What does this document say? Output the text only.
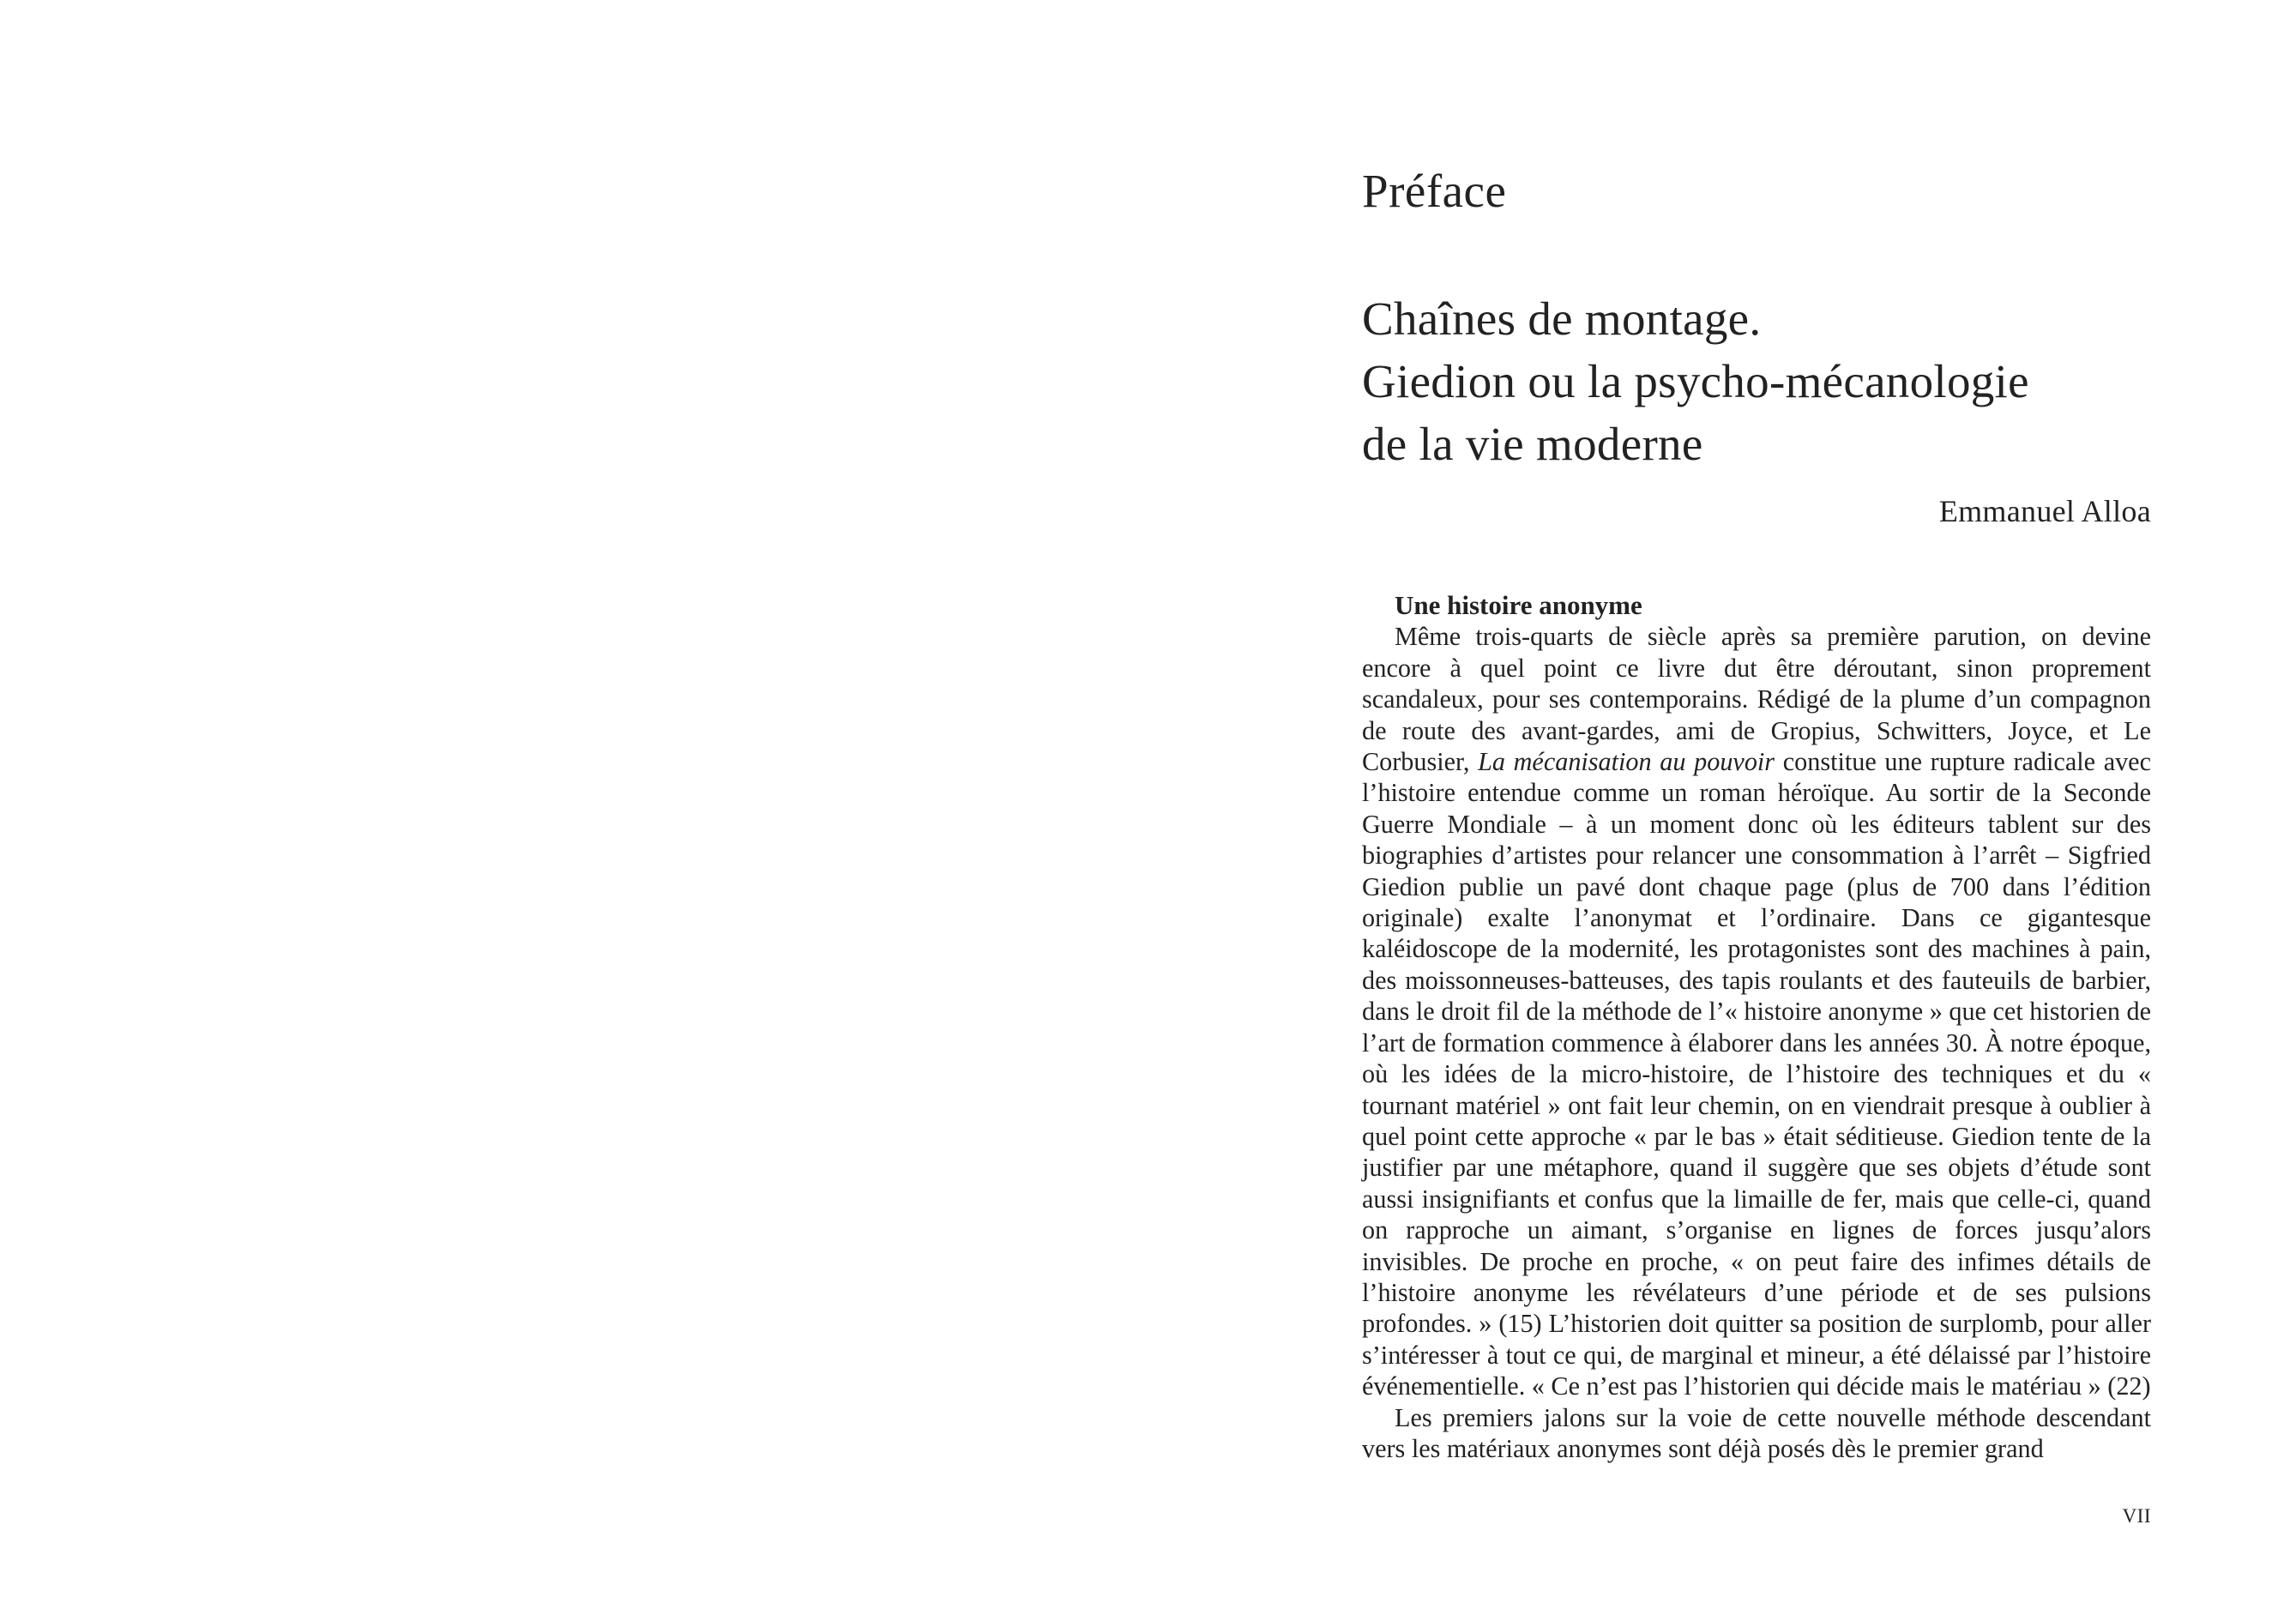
Préface
Chaînes de montage.
Giedion ou la psycho-mécanologie
de la vie moderne

Emmanuel Alloa

Une histoire anonyme

Même trois-quarts de siècle après sa première parution, on devine encore à quel point ce livre dut être déroutant, sinon proprement scandaleux, pour ses contemporains. Rédigé de la plume d’un compagnon de route des avant-gardes, ami de Gropius, Schwitters, Joyce, et Le Corbusier, La mécanisation au pouvoir constitue une rupture radicale avec l’histoire entendue comme un roman héroïque. Au sortir de la Seconde Guerre Mondiale – à un moment donc où les éditeurs tablent sur des biographies d’artistes pour relancer une consommation à l’arrêt – Sigfried Giedion publie un pavé dont chaque page (plus de 700 dans l’édition originale) exalte l’anonymat et l’ordinaire. Dans ce gigantesque kaléidoscope de la modernité, les protagonistes sont des machines à pain, des moissonneuses-batteuses, des tapis roulants et des fauteuils de barbier, dans le droit fil de la méthode de l’« histoire anonyme » que cet historien de l’art de formation commence à élaborer dans les années 30. À notre époque, où les idées de la micro-histoire, de l’histoire des techniques et du « tournant matériel » ont fait leur chemin, on en viendrait presque à oublier à quel point cette approche « par le bas » était séditieuse. Giedion tente de la justifier par une métaphore, quand il suggère que ses objets d’étude sont aussi insignifiants et confus que la limaille de fer, mais que celle-ci, quand on rapproche un aimant, s’organise en lignes de forces jusqu’alors invisibles. De proche en proche, « on peut faire des infimes détails de l’histoire anonyme les révélateurs d’une période et de ses pulsions profondes. » (15) L’historien doit quitter sa position de surplomb, pour aller s’intéresser à tout ce qui, de marginal et mineur, a été délaissé par l’histoire événementielle. « Ce n’est pas l’historien qui décide mais le matériau » (22)

Les premiers jalons sur la voie de cette nouvelle méthode descendant vers les matériaux anonymes sont déjà posés dès le premier grand

VII
